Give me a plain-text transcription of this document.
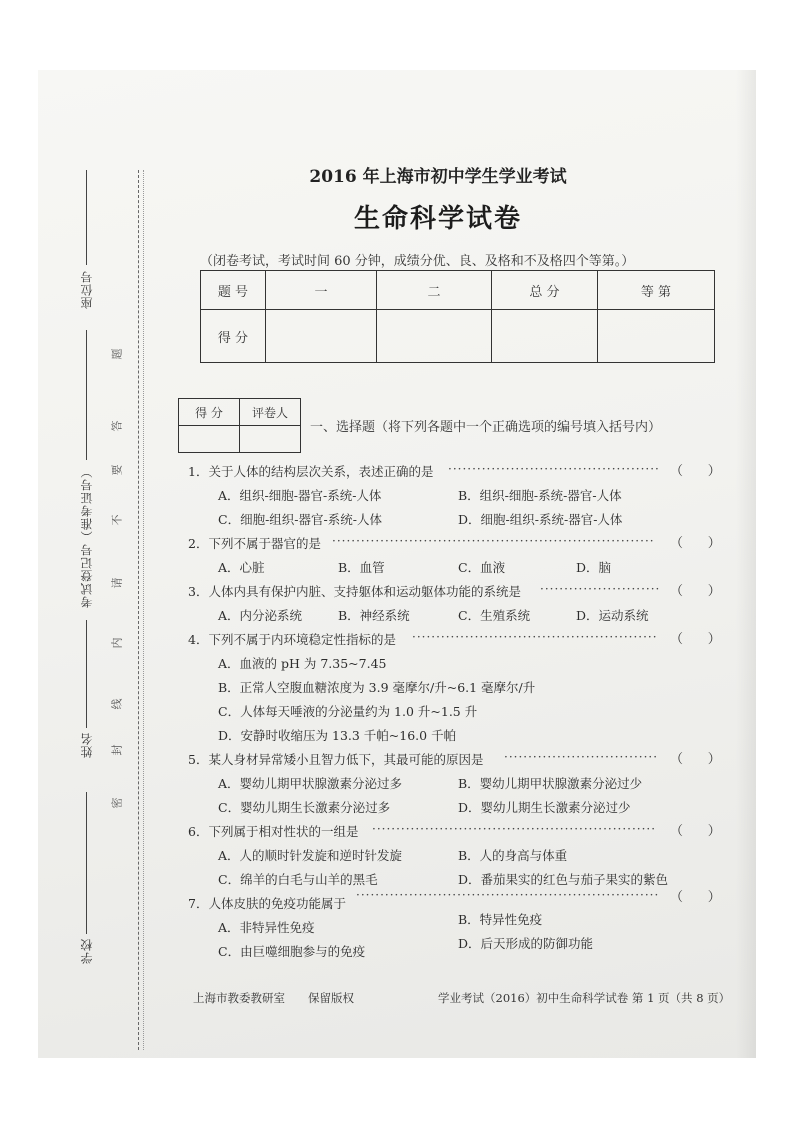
座位号
考试登记号（准考证号）
姓名
学校
题
答
要
不
请
内
线
封
密
2016 年上海市初中学生学业考试
生命科学试卷
（闭卷考试，考试时间 60 分钟，成绩分优、良、及格和不及格四个等第。）
题 号	一	二	总 分	等 第
得 分				
得 分	评卷人

一、选择题（将下列各题中一个正确选项的编号填入括号内）
1．关于人体的结构层次关系，表述正确的是 ············································ （      ）
A．组织-细胞-器官-系统-人体	B．组织-细胞-系统-器官-人体
C．细胞-组织-器官-系统-人体	D．细胞-组织-系统-器官-人体
2．下列不属于器官的是 ···································································	（      ）
A．心脏	B．血管	C．血液	D．脑
3．人体内具有保护内脏、支持躯体和运动躯体功能的系统是 ························· （      ）
A．内分泌系统	B．神经系统	C．生殖系统	D．运动系统
4．下列不属于内环境稳定性指标的是 ··················································· （      ）
A．血液的 pH 为 7.35~7.45
B．正常人空腹血糖浓度为 3.9 毫摩尔/升~6.1 毫摩尔/升
C．人体每天唾液的分泌量约为 1.0 升~1.5 升
D．安静时收缩压为 13.3 千帕~16.0 千帕
5．某人身材异常矮小且智力低下，其最可能的原因是 ································ （      ）
A．婴幼儿期甲状腺激素分泌过多	B．婴幼儿期甲状腺激素分泌过少
C．婴幼儿期生长激素分泌过多	D．婴幼儿期生长激素分泌过少
6．下列属于相对性状的一组是 ···························································	（      ）
A．人的顺时针发旋和逆时针发旋	B．人的身高与体重
C．绵羊的白毛与山羊的黑毛	D．番茄果实的红色与茄子果实的紫色
7．人体皮肤的免疫功能属于
······························································· （      ）
A．非特异性免疫
B．特异性免疫
C．由巨噬细胞参与的免疫
D．后天形成的防御功能
上海市教委教研室　　保留版权	学业考试（2016）初中生命科学试卷 第 1 页（共 8 页）
